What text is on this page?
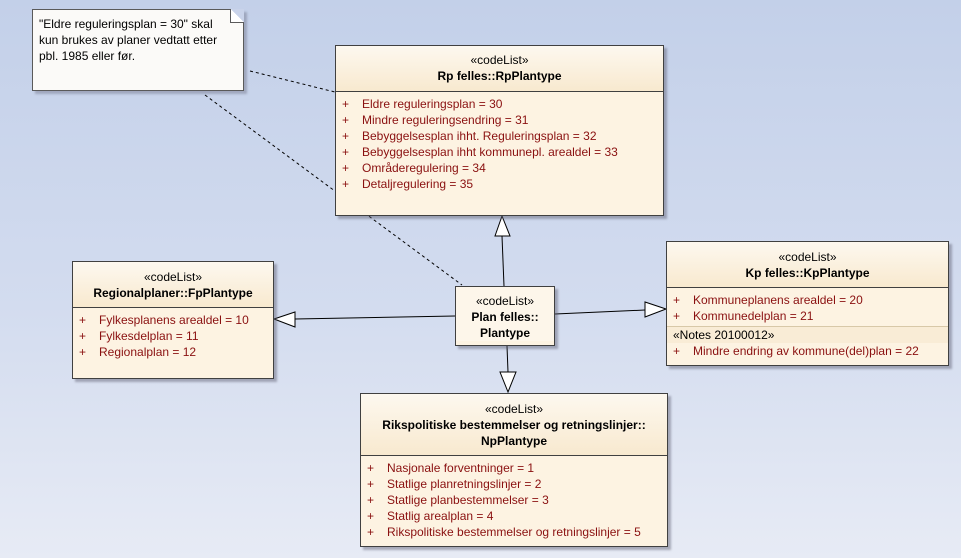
"Eldre reguleringsplan = 30" skal
kun brukes av planer vedtatt etter
pbl. 1985 eller før.	«codeList»
Rp felles::RpPlantype
+ Eldre reguleringsplan = 30
+ Mindre reguleringsendring = 31
+ Bebyggelsesplan ihht. Reguleringsplan = 32
+ Bebyggelsesplan ihht kommunepl. arealdel = 33
+ Områderegulering = 34
+ Detaljregulering = 35
«codeList»
Regionalplaner::FpPlantype
+ Fylkesplanens arealdel = 10
+ Fylkesdelplan = 11
+ Regionalplan = 12
«codeList»
Plan felles::
Plantype
«codeList»
Kp felles::KpPlantype
+ Kommuneplanens arealdel = 20
+ Kommunedelplan = 21
«Notes 20100012»
+ Mindre endring av kommune(del)plan = 22
«codeList»
Rikspolitiske bestemmelser og retningslinjer::
NpPlantype
+ Nasjonale forventninger = 1
+ Statlige planretningslinjer = 2
+ Statlige planbestemmelser = 3
+ Statlig arealplan = 4
+ Rikspolitiske bestemmelser og retningslinjer = 5
